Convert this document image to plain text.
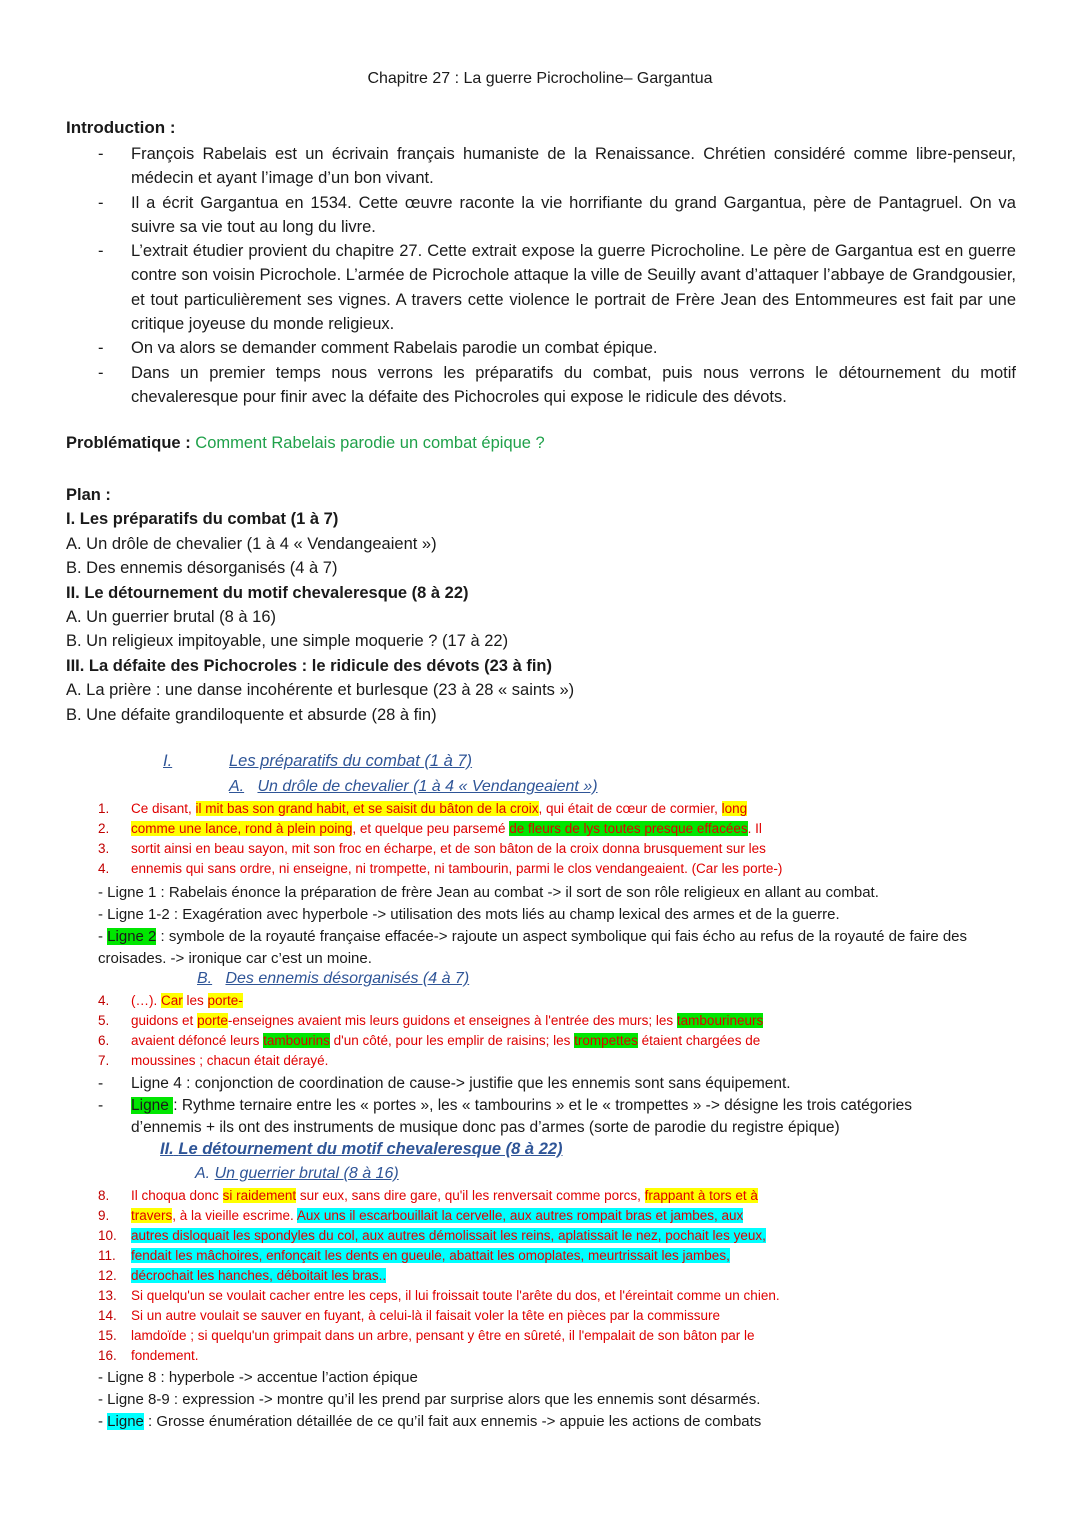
Chapitre 27 : La guerre Picrocholine– Gargantua
Introduction :
- François Rabelais est un écrivain français humaniste de la Renaissance. Chrétien considéré comme libre-penseur, médecin et ayant l’image d’un bon vivant.
- Il a écrit Gargantua en 1534. Cette œuvre raconte la vie horrifiante du grand Gargantua, père de Pantagruel. On va suivre sa vie tout au long du livre.
- L’extrait étudier provient du chapitre 27. Cette extrait expose la guerre Picrocholine. Le père de Gargantua est en guerre contre son voisin Picrochole. L’armée de Picrochole attaque la ville de Seuilly avant d’attaquer l’abbaye de Grandgousier, et tout particulièrement ses vignes. A travers cette violence le portrait de Frère Jean des Entommeures est fait par une critique joyeuse du monde religieux.
- On va alors se demander comment Rabelais parodie un combat épique.
- Dans un premier temps nous verrons les préparatifs du combat, puis nous verrons le détournement du motif chevaleresque pour finir avec la défaite des Pichocroles qui expose le ridicule des dévots.
Problématique : Comment Rabelais parodie un combat épique ?
Plan :
I. Les préparatifs du combat (1 à 7)
A. Un drôle de chevalier (1 à 4 « Vendangeaient »)
B. Des ennemis désorganisés (4 à 7)
II. Le détournement du motif chevaleresque (8 à 22)
A. Un guerrier brutal (8 à 16)
B. Un religieux impitoyable, une simple moquerie ? (17 à 22)
III. La défaite des Pichocroles : le ridicule des dévots (23 à fin)
A. La prière : une danse incohérente et burlesque (23 à 28 « saints »)
B. Une défaite grandiloquente et absurde (28 à fin)
I.	Les préparatifs du combat (1 à 7)
A. Un drôle de chevalier (1 à 4 « Vendangeaient »)
1. Ce disant, il mit bas son grand habit, et se saisit du bâton de la croix, qui était de cœur de cormier, long
2. comme une lance, rond à plein poing, et quelque peu parsemé de fleurs de lys toutes presque effacées. Il
3. sortit ainsi en beau sayon, mit son froc en écharpe, et de son bâton de la croix donna brusquement sur les
4. ennemis qui sans ordre, ni enseigne, ni trompette, ni tambourin, parmi le clos vendangeaient. (Car les porte-)
- Ligne 1 : Rabelais énonce la préparation de frère Jean au combat -> il sort de son rôle religieux en allant au combat.
- Ligne 1-2 : Exagération avec hyperbole -> utilisation des mots liés au champ lexical des armes et de la guerre.
- Ligne 2 : symbole de la royauté française effacée-> rajoute un aspect symbolique qui fais écho au refus de la royauté de faire des croisades. -> ironique car c’est un moine.
B. Des ennemis désorganisés (4 à 7)
4. (…). Car les porte-
5. guidons et porte-enseignes avaient mis leurs guidons et enseignes à l'entrée des murs; les tambourineurs
6. avaient défoncé leurs tambourins d'un côté, pour les emplir de raisins; les trompettes étaient chargées de
7. moussines ; chacun était dérayé.
-	Ligne 4 : conjonction de coordination de cause-> justifie que les ennemis sont sans équipement.
-	Ligne : Rythme ternaire entre les « portes », les « tambourins » et le « trompettes » -> désigne les trois catégories d’ennemis + ils ont des instruments de musique donc pas d’armes (sorte de parodie du registre épique)
II. Le détournement du motif chevaleresque (8 à 22)
A. Un guerrier brutal (8 à 16)
8. Il choqua donc si raidement sur eux, sans dire gare, qu'il les renversait comme porcs, frappant à tors et à
9. travers, à la vieille escrime. Aux uns il escarbouillait la cervelle, aux autres rompait bras et jambes, aux
10. autres disloquait les spondyles du col, aux autres démolissait les reins, aplatissait le nez, pochait les yeux,
11. fendait les mâchoires, enfonçait les dents en gueule, abattait les omoplates, meurtrissait les jambes,
12. décrochait les hanches, déboitait les bras..
13. Si quelqu'un se voulait cacher entre les ceps, il lui froissait toute l'arête du dos, et l'éreintait comme un chien.
14. Si un autre voulait se sauver en fuyant, à celui-là il faisait voler la tête en pièces par la commissure
15. lamdoïde ; si quelqu'un grimpait dans un arbre, pensant y être en sûreté, il l'empalait de son bâton par le
16. fondement.
- Ligne 8 : hyperbole -> accentue l’action épique
- Ligne 8-9 : expression -> montre qu’il les prend par surprise alors que les ennemis sont désarmés.
- Ligne : Grosse énumération détaillée de ce qu’il fait aux ennemis -> appuie les actions de combats
